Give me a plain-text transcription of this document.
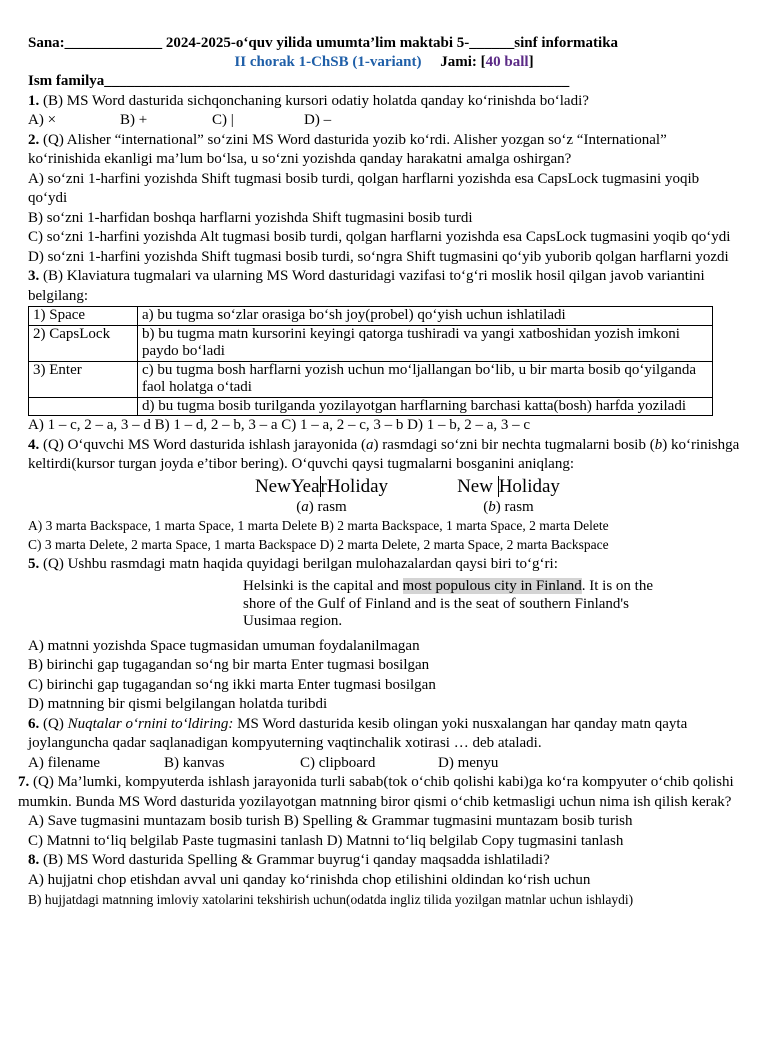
Sana:_____________ 2024-2025-o‘quv yilida umumta’lim maktabi 5-______sinf informatika
II chorak 1-ChSB (1-variant) Jami: [40 ball]
Ism familya______________________________________________________________
1. (B) MS Word dasturida sichqonchaning kursori odatiy holatda qanday ko‘rinishda bo‘ladi?
A) ×	B) +	C) |	D) –
2. (Q) Alisher “international” so‘zini MS Word dasturida yozib ko‘rdi. Alisher yozgan so‘z “International” ko‘rinishida ekanligi ma’lum bo‘lsa, u so‘zni yozishda qanday harakatni amalga oshirgan?
A) so‘zni 1-harfini yozishda Shift tugmasi bosib turdi, qolgan harflarni yozishda esa CapsLock tugmasini yoqib qo‘ydi
B) so‘zni 1-harfidan boshqa harflarni yozishda Shift tugmasini bosib turdi
C) so‘zni 1-harfini yozishda Alt tugmasi bosib turdi, qolgan harflarni yozishda esa CapsLock tugmasini yoqib qo‘ydi
D) so‘zni 1-harfini yozishda Shift tugmasi bosib turdi, so‘ngra Shift tugmasini qo‘yib yuborib qolgan harflarni yozdi
3. (B) Klaviatura tugmalari va ularning MS Word dasturidagi vazifasi to‘g‘ri moslik hosil qilgan javob variantini belgilang:
1) Space	a) bu tugma so‘zlar orasiga bo‘sh joy(probel) qo‘yish uchun ishlatiladi
2) CapsLock	b) bu tugma matn kursorini keyingi qatorga tushiradi va yangi xatboshidan yozish imkoni paydo bo‘ladi
3) Enter	c) bu tugma bosh harflarni yozish uchun mo‘ljallangan bo‘lib, u bir marta bosib qo‘yilganda faol holatga o‘tadi
	d) bu tugma bosib turilganda yozilayotgan harflarning barchasi katta(bosh) harfda yoziladi
A) 1 – c, 2 – a, 3 – d B) 1 – d, 2 – b, 3 – a C) 1 – a, 2 – c, 3 – b D) 1 – b, 2 – a, 3 – c
4. (Q) O‘quvchi MS Word dasturida ishlash jarayonida (a) rasmdagi so‘zni bir nechta tugmalarni bosib (b) ko‘rinishga keltirdi(kursor turgan joyda e’tibor bering). O‘quvchi qaysi tugmalarni bosganini aniqlang:
NewYearHoliday
(a) rasm
New Holiday
(b) rasm
A) 3 marta Backspace, 1 marta Space, 1 marta Delete B) 2 marta Backspace, 1 marta Space, 2 marta Delete
C) 3 marta Delete, 2 marta Space, 1 marta Backspace D) 2 marta Delete, 2 marta Space, 2 marta Backspace
5. (Q) Ushbu rasmdagi matn haqida quyidagi berilgan mulohazalardan qaysi biri to‘g‘ri:
Helsinki is the capital and most populous city in Finland. It is on the shore of the Gulf of Finland and is the seat of southern Finland's Uusimaa region.
A) matnni yozishda Space tugmasidan umuman foydalanilmagan
B) birinchi gap tugagandan so‘ng bir marta Enter tugmasi bosilgan
C) birinchi gap tugagandan so‘ng ikki marta Enter tugmasi bosilgan
D) matnning bir qismi belgilangan holatda turibdi
6. (Q) Nuqtalar o‘rnini to‘ldiring: MS Word dasturida kesib olingan yoki nusxalangan har qanday matn qayta joylanguncha qadar saqlanadigan kompyuterning vaqtinchalik xotirasi … deb ataladi.
A) filename	B) kanvas	C) clipboard	D) menyu
7. (Q) Ma’lumki, kompyuterda ishlash jarayonida turli sabab(tok o‘chib qolishi kabi)ga ko‘ra kompyuter o‘chib qolishi mumkin. Bunda MS Word dasturida yozilayotgan matnning biror qismi o‘chib ketmasligi uchun nima ish qilish kerak?
A) Save tugmasini muntazam bosib turish B) Spelling & Grammar tugmasini muntazam bosib turish
C) Matnni to‘liq belgilab Paste tugmasini tanlash D) Matnni to‘liq belgilab Copy tugmasini tanlash
8. (B) MS Word dasturida Spelling & Grammar buyrug‘i qanday maqsadda ishlatiladi?
A) hujjatni chop etishdan avval uni qanday ko‘rinishda chop etilishini oldindan ko‘rish uchun
B) hujjatdagi matnning imloviy xatolarini tekshirish uchun(odatda ingliz tilida yozilgan matnlar uchun ishlaydi)
